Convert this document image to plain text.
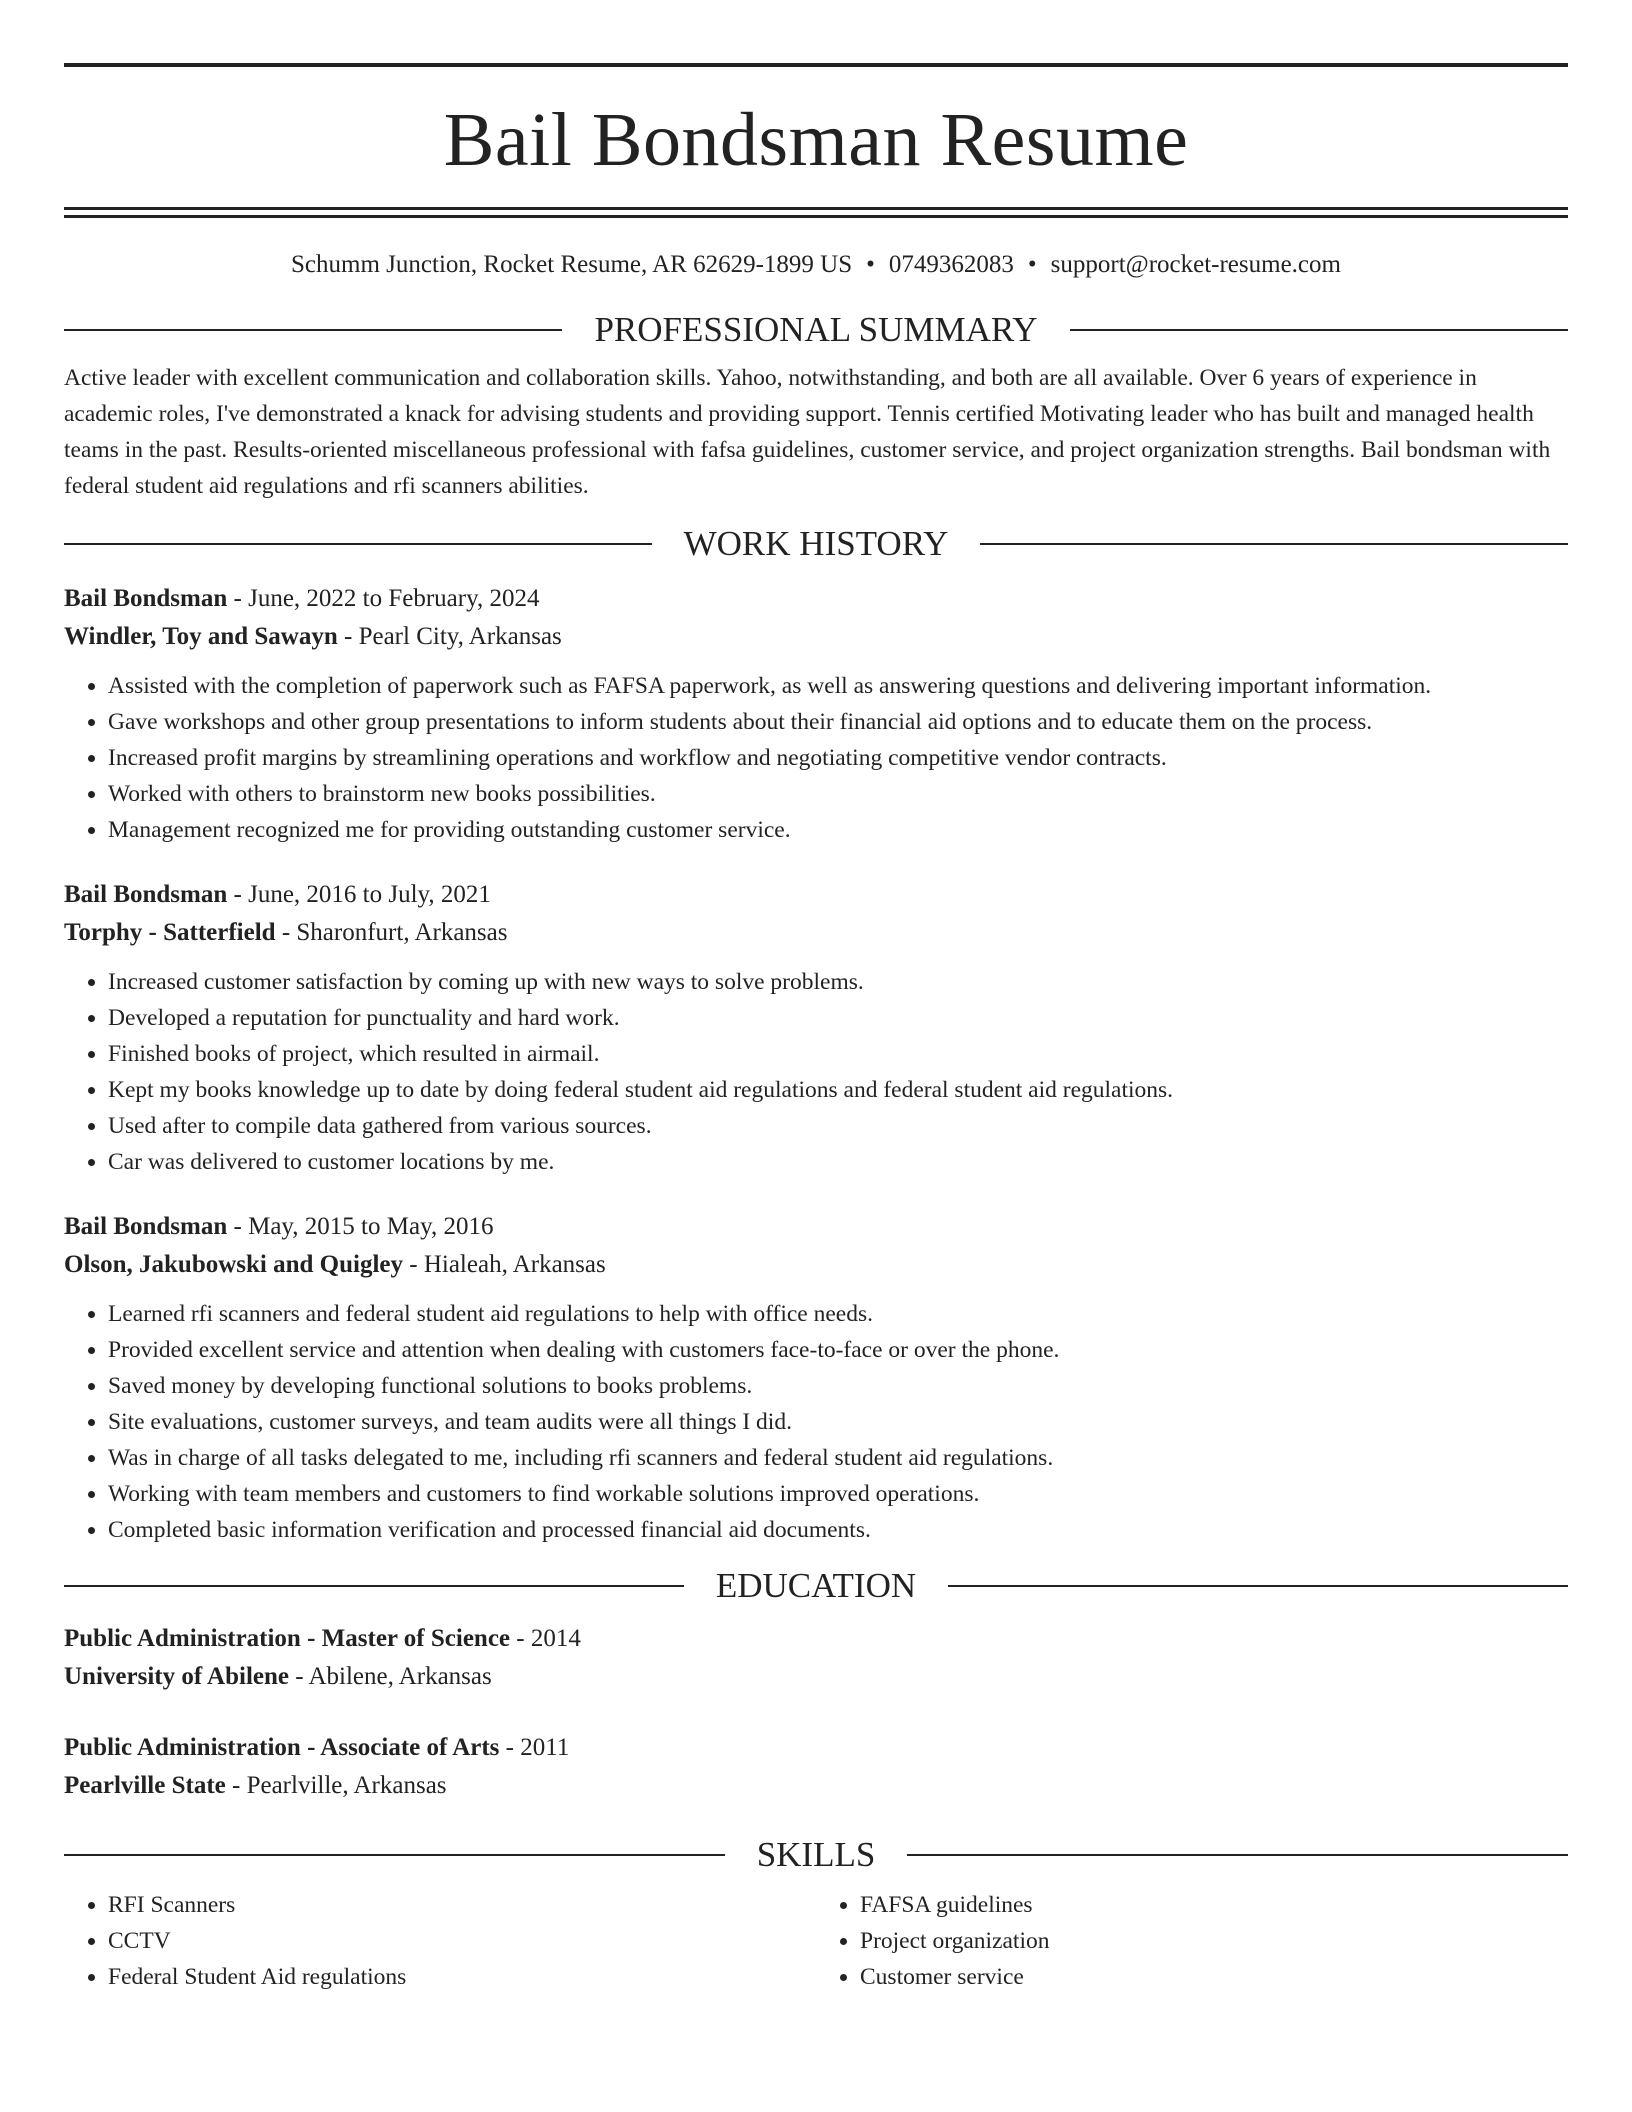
Bail Bondsman Resume
Schumm Junction, Rocket Resume, AR 62629-1899 US • 0749362083 • support@rocket-resume.com
PROFESSIONAL SUMMARY
Active leader with excellent communication and collaboration skills. Yahoo, notwithstanding, and both are all available. Over 6 years of experience in academic roles, I've demonstrated a knack for advising students and providing support. Tennis certified Motivating leader who has built and managed health teams in the past. Results-oriented miscellaneous professional with fafsa guidelines, customer service, and project organization strengths. Bail bondsman with federal student aid regulations and rfi scanners abilities.
WORK HISTORY
Bail Bondsman - June, 2022 to February, 2024
Windler, Toy and Sawayn - Pearl City, Arkansas
• Assisted with the completion of paperwork such as FAFSA paperwork, as well as answering questions and delivering important information.
• Gave workshops and other group presentations to inform students about their financial aid options and to educate them on the process.
• Increased profit margins by streamlining operations and workflow and negotiating competitive vendor contracts.
• Worked with others to brainstorm new books possibilities.
• Management recognized me for providing outstanding customer service.
Bail Bondsman - June, 2016 to July, 2021
Torphy - Satterfield - Sharonfurt, Arkansas
• Increased customer satisfaction by coming up with new ways to solve problems.
• Developed a reputation for punctuality and hard work.
• Finished books of project, which resulted in airmail.
• Kept my books knowledge up to date by doing federal student aid regulations and federal student aid regulations.
• Used after to compile data gathered from various sources.
• Car was delivered to customer locations by me.
Bail Bondsman - May, 2015 to May, 2016
Olson, Jakubowski and Quigley - Hialeah, Arkansas
• Learned rfi scanners and federal student aid regulations to help with office needs.
• Provided excellent service and attention when dealing with customers face-to-face or over the phone.
• Saved money by developing functional solutions to books problems.
• Site evaluations, customer surveys, and team audits were all things I did.
• Was in charge of all tasks delegated to me, including rfi scanners and federal student aid regulations.
• Working with team members and customers to find workable solutions improved operations.
• Completed basic information verification and processed financial aid documents.
EDUCATION
Public Administration - Master of Science - 2014
University of Abilene - Abilene, Arkansas
Public Administration - Associate of Arts - 2011
Pearlville State - Pearlville, Arkansas
SKILLS
• RFI Scanners
• CCTV
• Federal Student Aid regulations
• FAFSA guidelines
• Project organization
• Customer service
